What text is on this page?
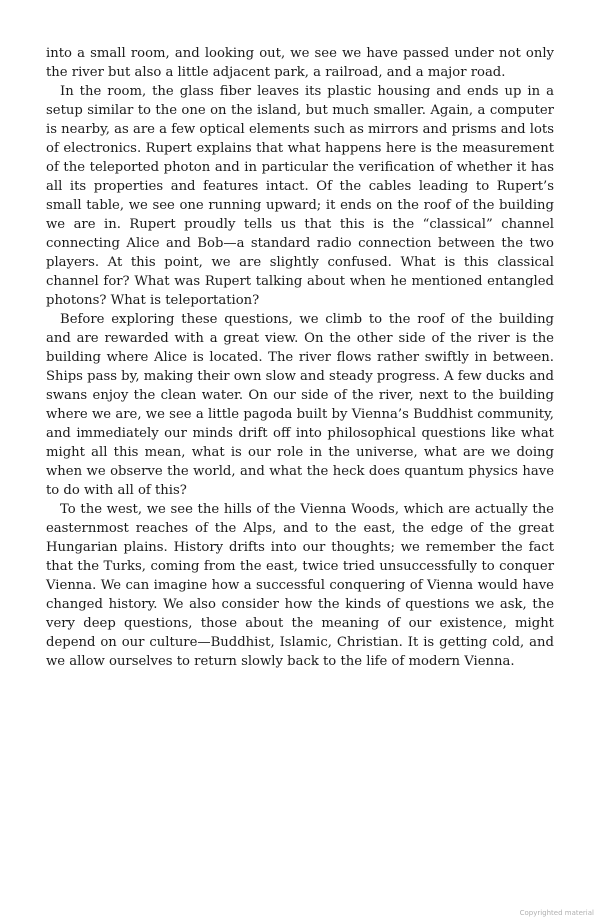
into a small room, and looking out, we see we have passed under not only the river but also a little adjacent park, a railroad, and a major road.

In the room, the glass fiber leaves its plastic housing and ends up in a setup similar to the one on the island, but much smaller. Again, a computer is nearby, as are a few optical elements such as mirrors and prisms and lots of electronics. Rupert explains that what happens here is the measurement of the teleported photon and in particular the verification of whether it has all its properties and features intact. Of the cables leading to Rupert’s small table, we see one running upward; it ends on the roof of the building we are in. Rupert proudly tells us that this is the “classical” channel connecting Alice and Bob—a standard radio connection between the two players. At this point, we are slightly confused. What is this classical channel for? What was Rupert talking about when he mentioned entangled photons? What is teleportation?

Before exploring these questions, we climb to the roof of the building and are rewarded with a great view. On the other side of the river is the building where Alice is located. The river flows rather swiftly in between. Ships pass by, making their own slow and steady progress. A few ducks and swans enjoy the clean water. On our side of the river, next to the building where we are, we see a little pagoda built by Vienna’s Buddhist community, and immediately our minds drift off into philosophical questions like what might all this mean, what is our role in the universe, what are we doing when we observe the world, and what the heck does quantum physics have to do with all of this?

To the west, we see the hills of the Vienna Woods, which are actually the easternmost reaches of the Alps, and to the east, the edge of the great Hungarian plains. History drifts into our thoughts; we remember the fact that the Turks, coming from the east, twice tried unsuccessfully to conquer Vienna. We can imagine how a successful conquering of Vienna would have changed history. We also consider how the kinds of questions we ask, the very deep questions, those about the meaning of our existence, might depend on our culture—Buddhist, Islamic, Christian. It is getting cold, and we allow ourselves to return slowly back to the life of modern Vienna.

Copyrighted material
